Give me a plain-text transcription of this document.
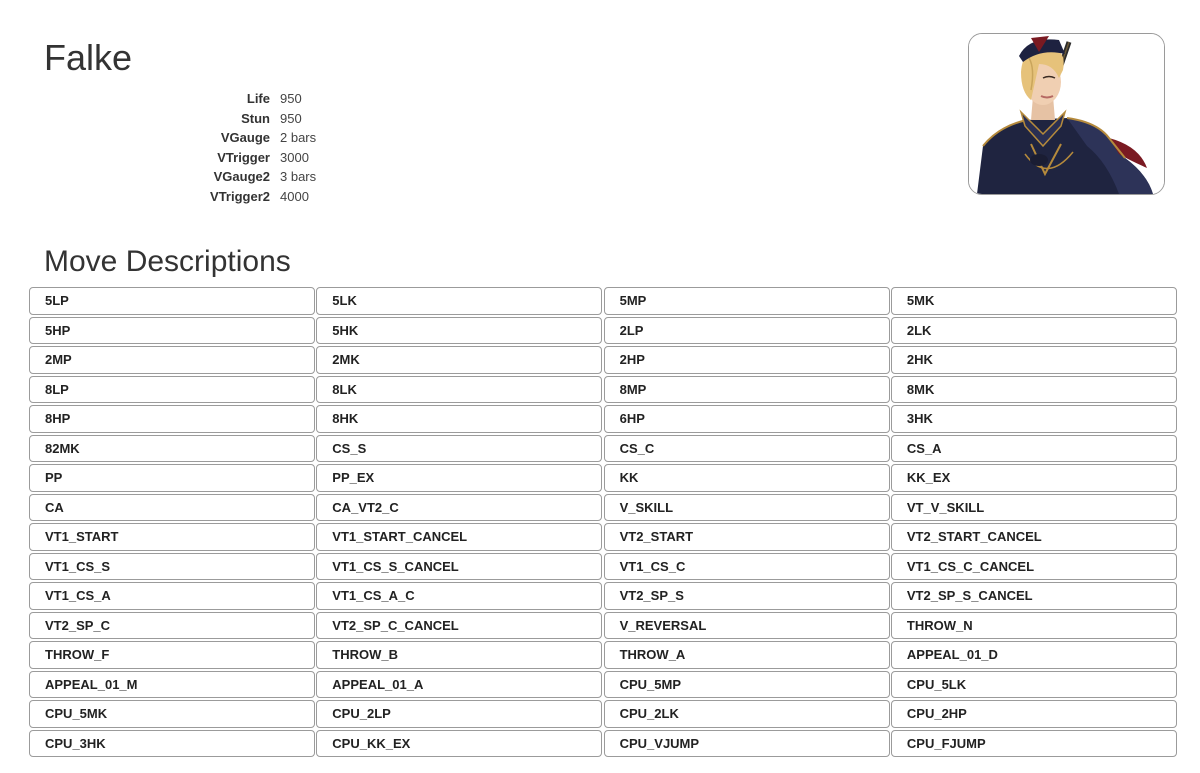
Falke
Life	950
Stun	950
VGauge	2 bars
VTrigger	3000
VGauge2	3 bars
VTrigger2	4000
Move Descriptions
5LP	5LK	5MP	5MK
5HP	5HK	2LP	2LK
2MP	2MK	2HP	2HK
8LP	8LK	8MP	8MK
8HP	8HK	6HP	3HK
82MK	CS_S	CS_C	CS_A
PP	PP_EX	KK	KK_EX
CA	CA_VT2_C	V_SKILL	VT_V_SKILL
VT1_START	VT1_START_CANCEL	VT2_START	VT2_START_CANCEL
VT1_CS_S	VT1_CS_S_CANCEL	VT1_CS_C	VT1_CS_C_CANCEL
VT1_CS_A	VT1_CS_A_C	VT2_SP_S	VT2_SP_S_CANCEL
VT2_SP_C	VT2_SP_C_CANCEL	V_REVERSAL	THROW_N
THROW_F	THROW_B	THROW_A	APPEAL_01_D
APPEAL_01_M	APPEAL_01_A	CPU_5MP	CPU_5LK
CPU_5MK	CPU_2LP	CPU_2LK	CPU_2HP
CPU_3HK	CPU_KK_EX	CPU_VJUMP	CPU_FJUMP
